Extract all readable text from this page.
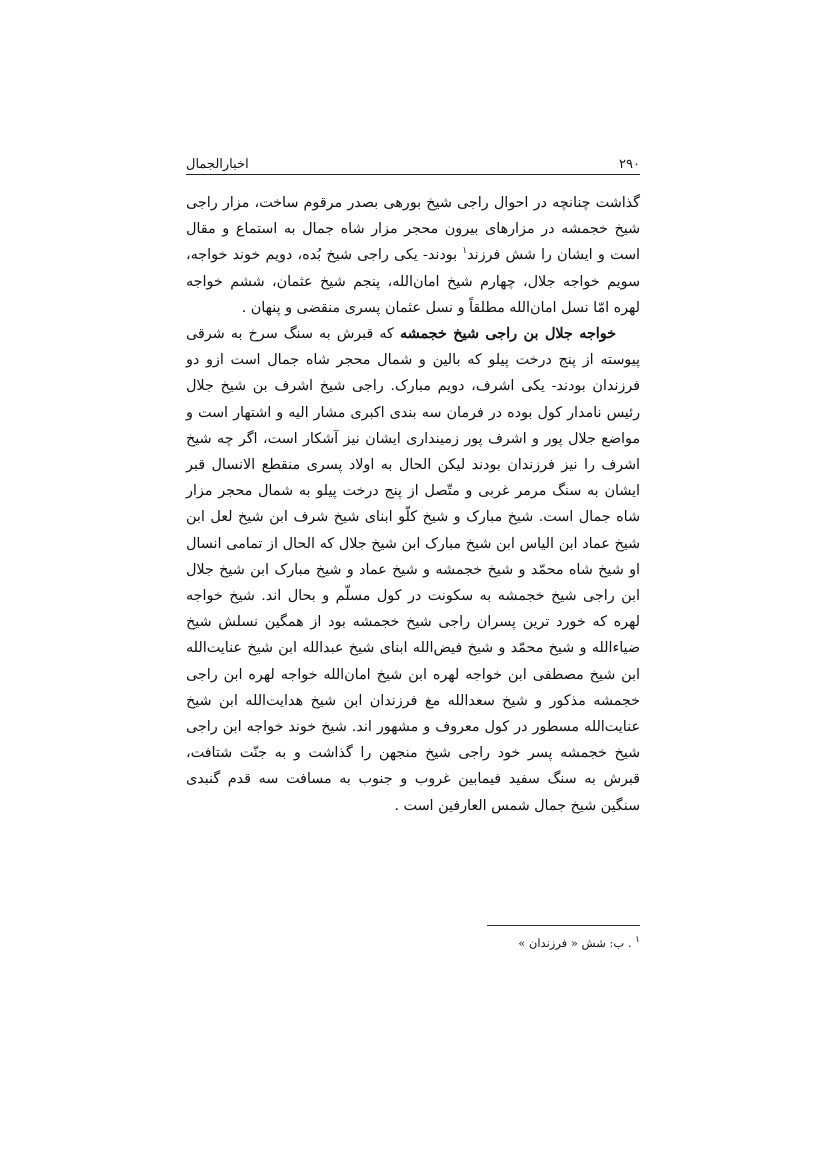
۲۹۰
اخبارالجمال

گذاشت چنانچه در احوال راجی شیخ بورهی بصدر مرقوم ساخت، مزار راجی شیخ خجمشه در مزارهای بیرون محجر مزار شاه جمال به استماع و مقال است و ایشان را شش فرزند$^۱$ بودند- یکی راجی شیخ بُده، دویم خوند خواجه، سویم خواجه جلال، چهارم شیخ امان‌الله، پنجم شیخ عثمان، ششم خواجه لهره امّا نسل امان‌الله مطلقاً و نسل عثمان پسری منقضی و پنهان .

خواجه جلال بن راجی شیخ خجمشه که قبرش به سنگ سرخ به شرقی پیوسته از پنج درخت پیلو که بالین و شمال محجر شاه جمال است ازو دو فرزندان بودند- یکی اشرف، دویم مبارک. راجی شیخ اشرف بن شیخ جلال رئیس نامدار کول بوده در فرمان سه بندی اکبری مشار الیه و اشتهار است و مواضع جلال پور و اشرف پور زمینداری ایشان نیز آشکار است، اگر چه شیخ اشرف را نیز فرزندان بودند لیکن الحال به اولاد پسری منقطع الانسال قبر ایشان به سنگ مرمر غربی و متّصل از پنج درخت پیلو به شمال محجر مزار شاه جمال است. شیخ مبارک و شیخ کلّو ابنای شیخ شرف ابن شیخ لعل ابن شیخ عماد ابن الیاس ابن شیخ مبارک ابن شیخ جلال که الحال از تمامی انسال او شیخ شاه محمّد و شیخ خجمشه و شیخ عماد و شیخ مبارک ابن شیخ جلال ابن راجی شیخ خجمشه به سکونت در کول مسلّم و بحال اند. شیخ خواجه لهره که خورد ترین پسران راجی شیخ خجمشه بود از همگین نسلش شیخ ضیاءالله و شیخ محمّد و شیخ فیض‌الله ابنای شیخ عبدالله ابن شیخ عنایت‌الله ابن شیخ مصطفی ابن خواجه لهره ابن شیخ امان‌الله خواجه لهره ابن راجی خجمشه مذکور و شیخ سعدالله مغ فرزندان ابن شیخ هدایت‌الله ابن شیخ عنایت‌الله مسطور در کول معروف و مشهور اند. شیخ خوند خواجه ابن راجی شیخ خجمشه پسر خود راجی شیخ منجهن را گذاشت و به جنّت شتافت، قبرش به سنگ سفید فیمابین غروب و جنوب به مسافت سه قدم گنبدی سنگین شیخ جمال شمس العارفین است .

$^۱$ . ب: شش « فرزندان »
